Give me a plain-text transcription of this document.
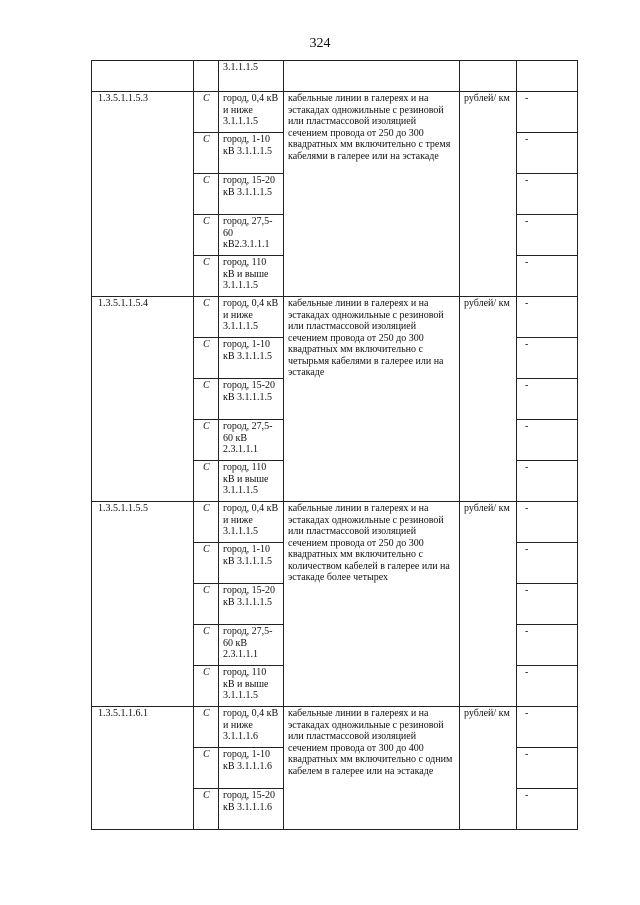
324
		3.1.1.1.5			
1.3.5.1.1.5.3	С	город, 0,4 кВ и ниже 3.1.1.1.5	кабельные линии в галереях и на эстакадах одножильные с резиновой или пластмассовой изоляцией сечением провода от 250 до 300 квадратных мм включительно с тремя кабелями в галерее или на эстакаде	рублей/ км	-
	С	город, 1-10 кВ 3.1.1.1.5			-
	С	город, 15-20 кВ 3.1.1.1.5			-
	С	город, 27,5-60 кВ2.3.1.1.1			-
	С	город, 110 кВ и выше 3.1.1.1.5			-
1.3.5.1.1.5.4	С	город, 0,4 кВ и ниже 3.1.1.1.5	кабельные линии в галереях и на эстакадах одножильные с резиновой или пластмассовой изоляцией сечением провода от 250 до 300 квадратных мм включительно с четырьмя кабелями в галерее или на эстакаде	рублей/ км	-
	С	город, 1-10 кВ 3.1.1.1.5			-
	С	город, 15-20 кВ 3.1.1.1.5			-
	С	город, 27,5-60 кВ 2.3.1.1.1			-
	С	город, 110 кВ и выше 3.1.1.1.5			-
1.3.5.1.1.5.5	С	город, 0,4 кВ и ниже 3.1.1.1.5	кабельные линии в галереях и на эстакадах одножильные с резиновой или пластмассовой изоляцией сечением провода от 250 до 300 квадратных мм включительно с количеством кабелей в галерее или на эстакаде более четырех	рублей/ км	-
	С	город, 1-10 кВ 3.1.1.1.5			-
	С	город, 15-20 кВ 3.1.1.1.5			-
	С	город, 27,5-60 кВ 2.3.1.1.1			-
	С	город, 110 кВ и выше 3.1.1.1.5			-
1.3.5.1.1.6.1	С	город, 0,4 кВ и ниже 3.1.1.1.6	кабельные линии в галереях и на эстакадах одножильные с резиновой или пластмассовой изоляцией сечением провода от 300 до 400 квадратных мм включительно с одним кабелем в галерее или на эстакаде	рублей/ км	-
	С	город, 1-10 кВ 3.1.1.1.6			-
	С	город, 15-20 кВ 3.1.1.1.6			-
